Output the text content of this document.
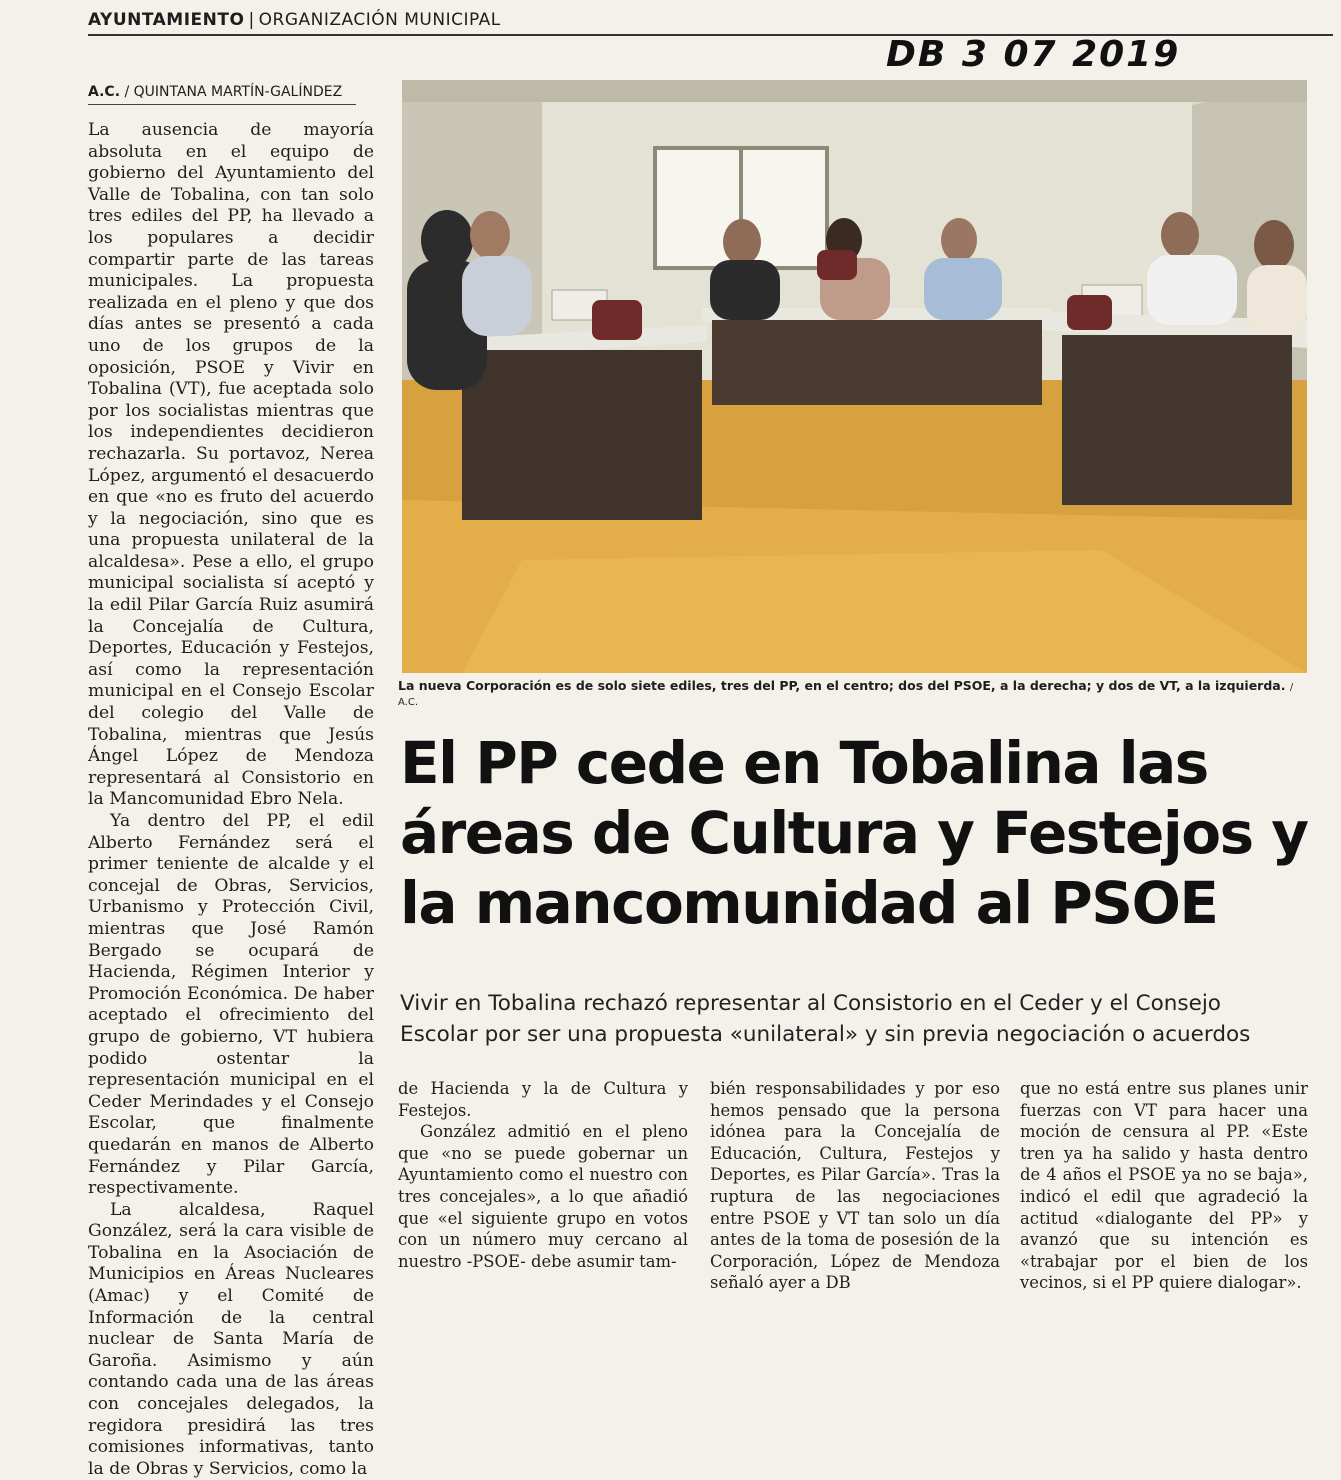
AYUNTAMIENTO | ORGANIZACIÓN MUNICIPAL
DB 3 07 2019
A.C. / QUINTANA MARTÍN-GALÍNDEZ

La ausencia de mayoría absoluta en el equipo de gobierno del Ayuntamiento del Valle de Tobalina, con tan solo tres ediles del PP, ha llevado a los populares a decidir compartir parte de las tareas municipales. La propuesta realizada en el pleno y que dos días antes se presentó a cada uno de los grupos de la oposición, PSOE y Vivir en Tobalina (VT), fue aceptada solo por los socialistas mientras que los independientes decidieron rechazarla. Su portavoz, Nerea López, argumentó el desacuerdo en que «no es fruto del acuerdo y la negociación, sino que es una propuesta unilateral de la alcaldesa». Pese a ello, el grupo municipal socialista sí aceptó y la edil Pilar García Ruiz asumirá la Concejalía de Cultura, Deportes, Educación y Festejos, así como la representación municipal en el Consejo Escolar del colegio del Valle de Tobalina, mientras que Jesús Ángel López de Mendoza representará al Consistorio en la Mancomunidad Ebro Nela.

Ya dentro del PP, el edil Alberto Fernández será el primer teniente de alcalde y el concejal de Obras, Servicios, Urbanismo y Protección Civil, mientras que José Ramón Bergado se ocupará de Hacienda, Régimen Interior y Promoción Económica. De haber aceptado el ofrecimiento del grupo de gobierno, VT hubiera podido ostentar la representación municipal en el Ceder Merindades y el Consejo Escolar, que finalmente quedarán en manos de Alberto Fernández y Pilar García, respectivamente.

La alcaldesa, Raquel González, será la cara visible de Tobalina en la Asociación de Municipios en Áreas Nucleares (Amac) y el Comité de Información de la central nuclear de Santa María de Garoña. Asimismo y aún contando cada una de las áreas con concejales delegados, la regidora presidirá las tres comisiones informativas, tanto la de Obras y Servicios, como la

La nueva Corporación es de solo siete ediles, tres del PP, en el centro; dos del PSOE, a la derecha; y dos de VT, a la izquierda. / A.C.
El PP cede en Tobalina las áreas de Cultura y Festejos y la mancomunidad al PSOE
Vivir en Tobalina rechazó representar al Consistorio en el Ceder y el Consejo Escolar por ser una propuesta «unilateral» y sin previa negociación o acuerdos

de Hacienda y la de Cultura y Festejos.

González admitió en el pleno que «no se puede gobernar un Ayuntamiento como el nuestro con tres concejales», a lo que añadió que «el siguiente grupo en votos con un número muy cercano al nuestro -PSOE- debe asumir tam-

bién responsabilidades y por eso hemos pensado que la persona idónea para la Concejalía de Educación, Cultura, Festejos y Deportes, es Pilar García». Tras la ruptura de las negociaciones entre PSOE y VT tan solo un día antes de la toma de posesión de la Corporación, López de Mendoza señaló ayer a DB

que no está entre sus planes unir fuerzas con VT para hacer una moción de censura al PP. «Este tren ya ha salido y hasta dentro de 4 años el PSOE ya no se baja», indicó el edil que agradeció la actitud «dialogante del PP» y avanzó que su intención es «trabajar por el bien de los vecinos, si el PP quiere dialogar».
